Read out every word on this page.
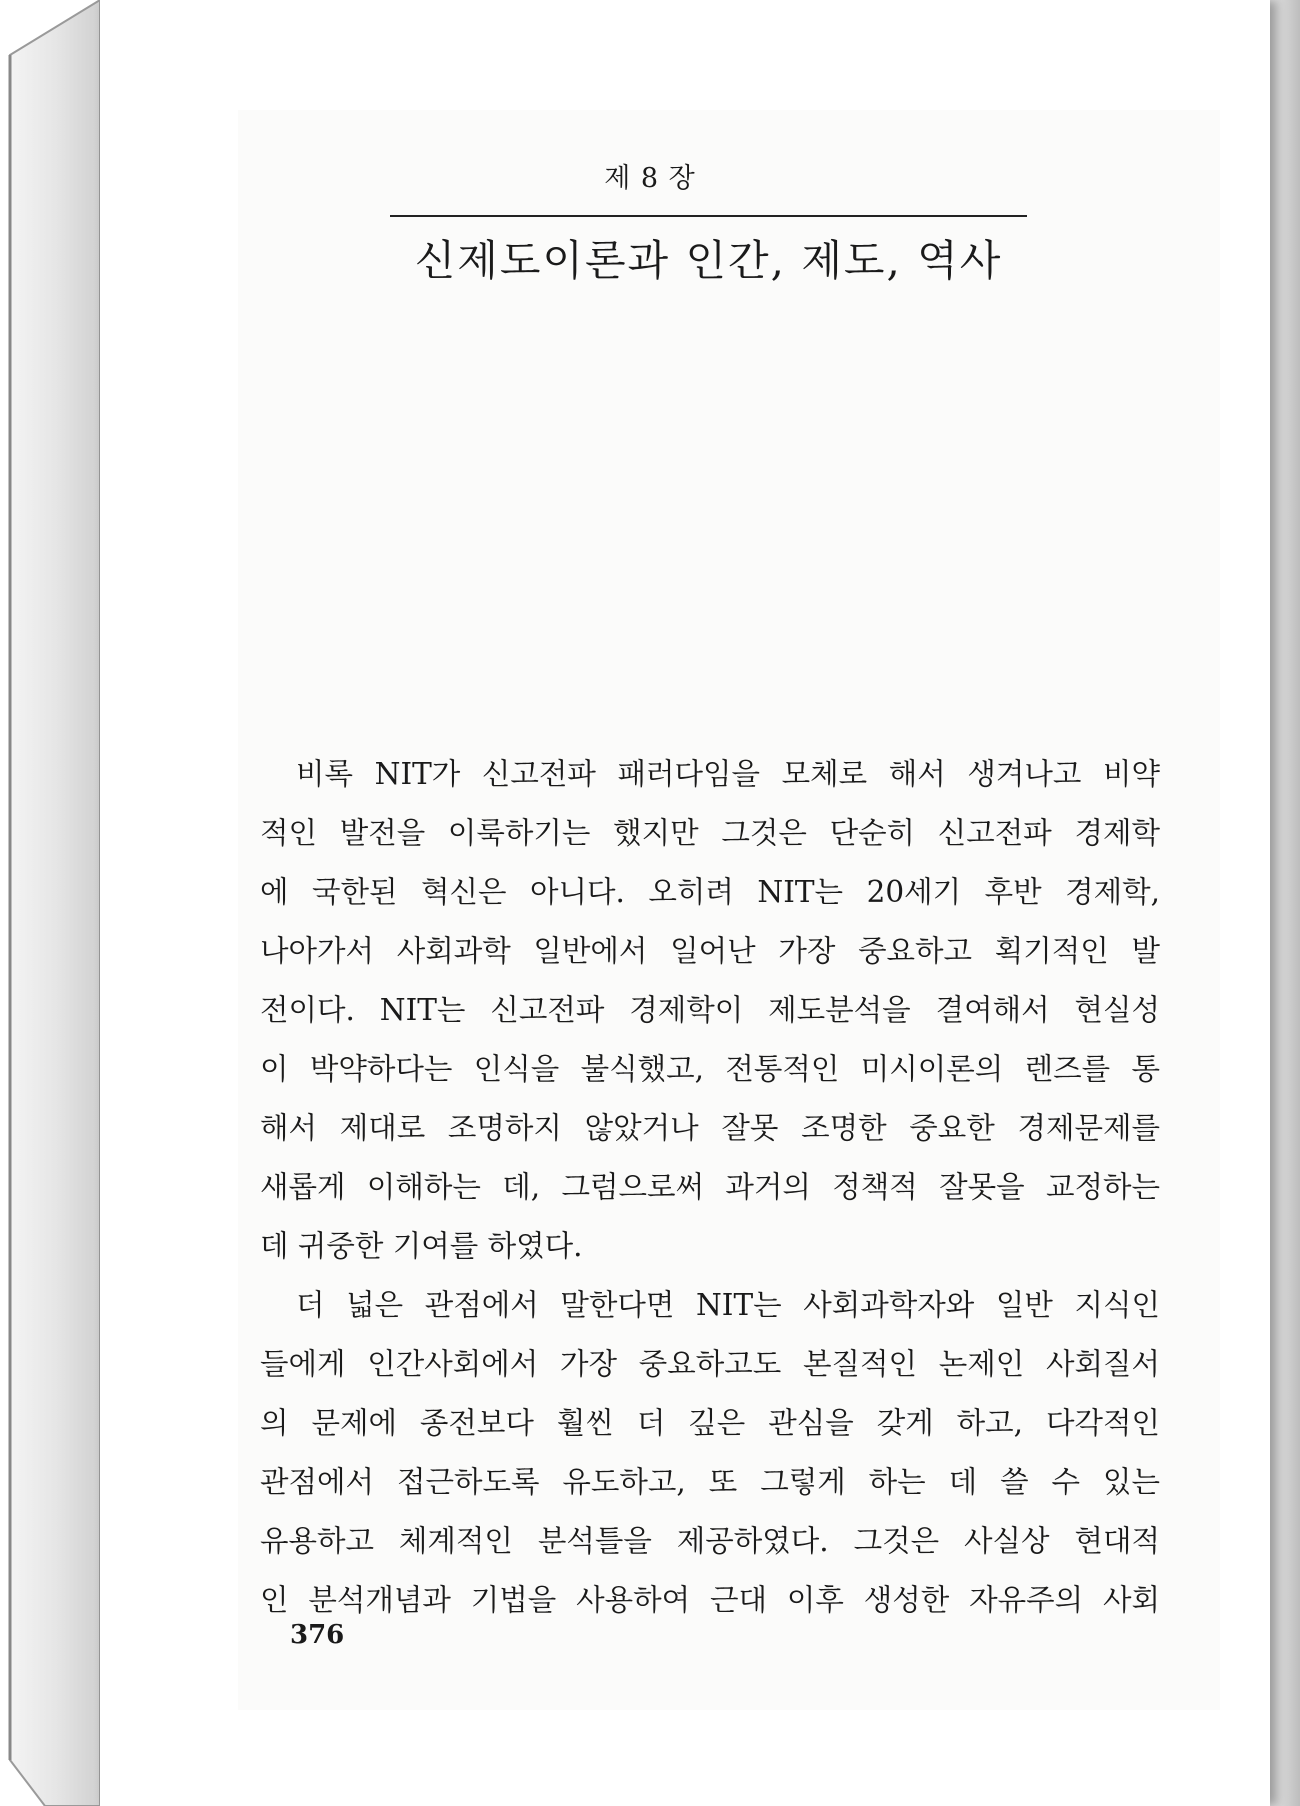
제 8 장
신제도이론과 인간, 제도, 역사
비록 NIT가 신고전파 패러다임을 모체로 해서 생겨나고 비약
적인 발전을 이룩하기는 했지만 그것은 단순히 신고전파 경제학
에 국한된 혁신은 아니다. 오히려 NIT는 20세기 후반 경제학,
나아가서 사회과학 일반에서 일어난 가장 중요하고 획기적인 발
전이다. NIT는 신고전파 경제학이 제도분석을 결여해서 현실성
이 박약하다는 인식을 불식했고, 전통적인 미시이론의 렌즈를 통
해서 제대로 조명하지 않았거나 잘못 조명한 중요한 경제문제를
새롭게 이해하는 데, 그럼으로써 과거의 정책적 잘못을 교정하는
데 귀중한 기여를 하였다.
더 넓은 관점에서 말한다면 NIT는 사회과학자와 일반 지식인
들에게 인간사회에서 가장 중요하고도 본질적인 논제인 사회질서
의 문제에 종전보다 훨씬 더 깊은 관심을 갖게 하고, 다각적인
관점에서 접근하도록 유도하고, 또 그렇게 하는 데 쓸 수 있는
유용하고 체계적인 분석틀을 제공하였다. 그것은 사실상 현대적
인 분석개념과 기법을 사용하여 근대 이후 생성한 자유주의 사회
376
